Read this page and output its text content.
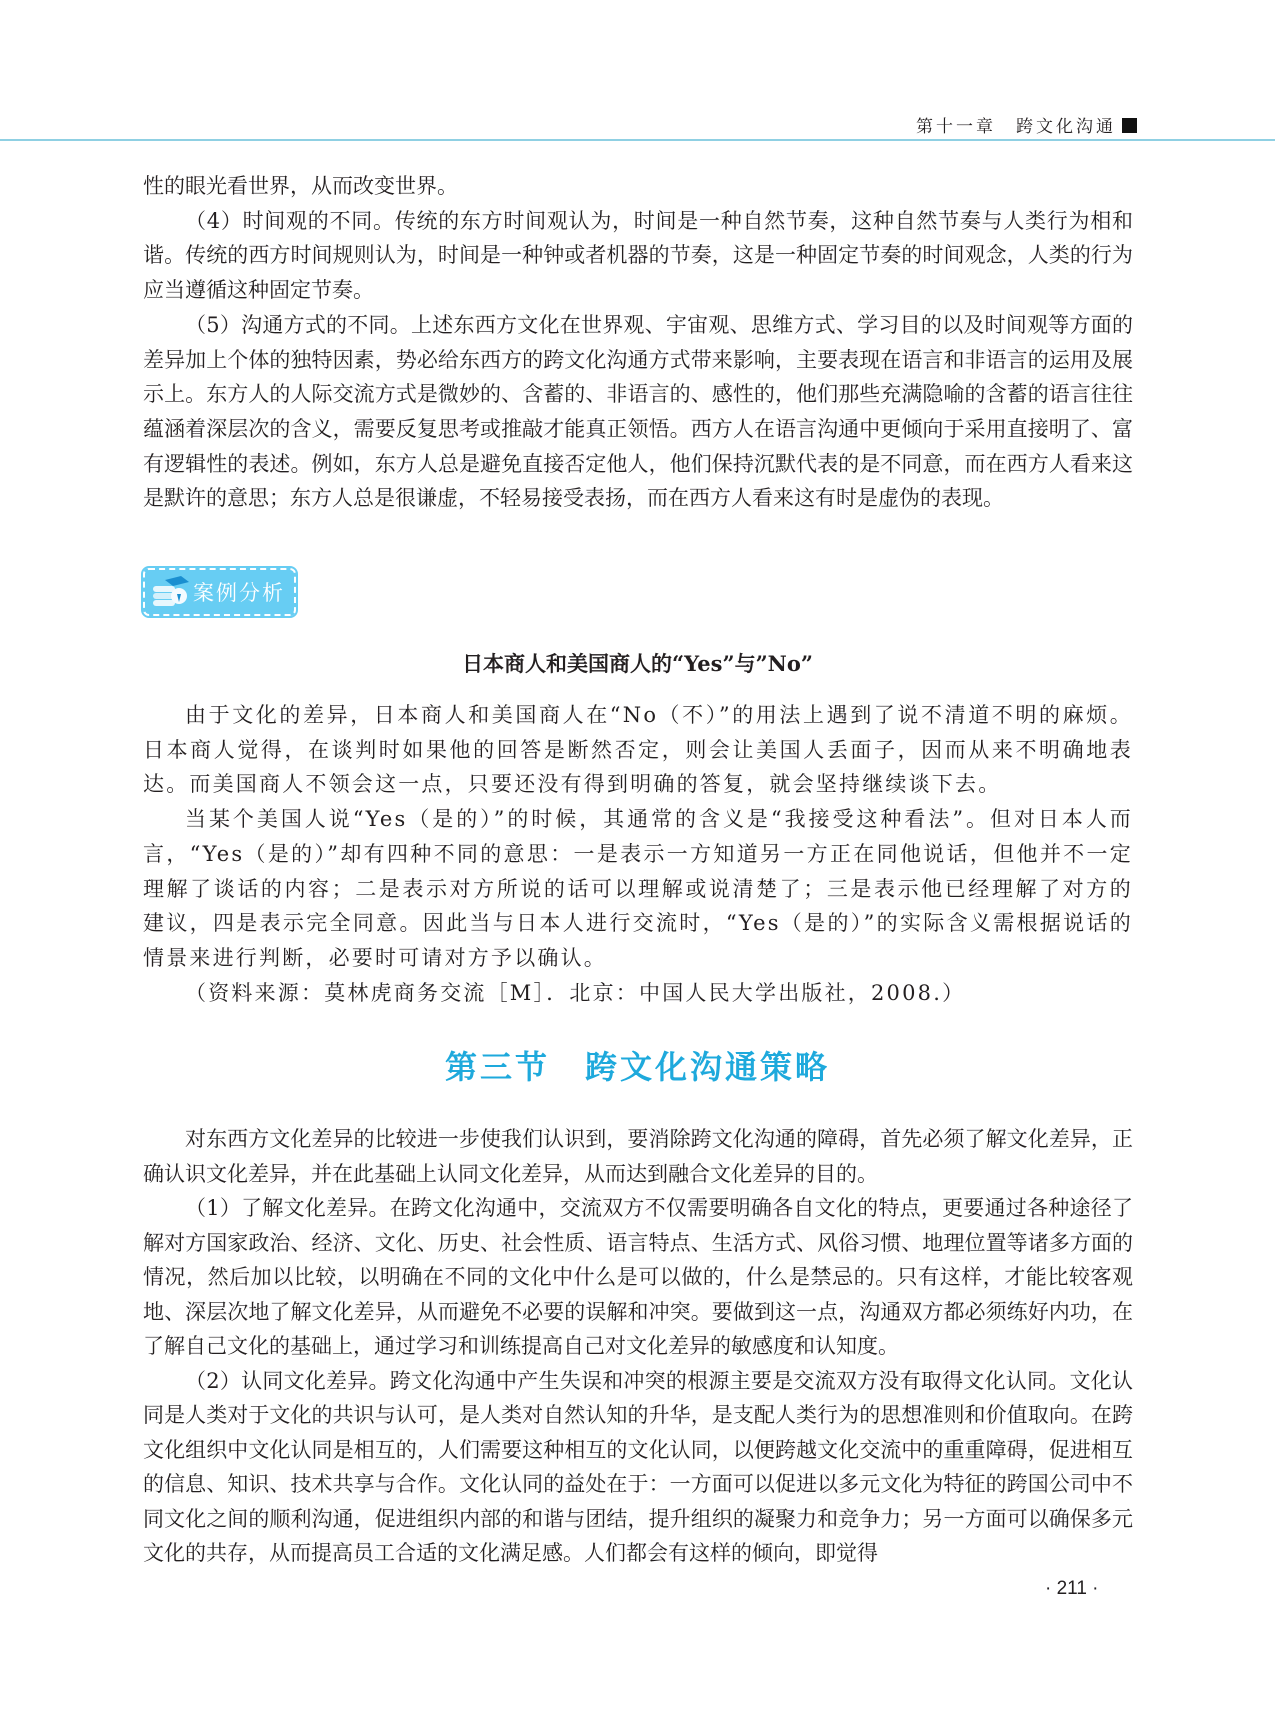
第十一章　跨文化沟通

性的眼光看世界，从而改变世界。

（4）时间观的不同。传统的东方时间观认为，时间是一种自然节奏，这种自然节奏与人类行为相和谐。传统的西方时间规则认为，时间是一种钟或者机器的节奏，这是一种固定节奏的时间观念，人类的行为应当遵循这种固定节奏。

（5）沟通方式的不同。上述东西方文化在世界观、宇宙观、思维方式、学习目的以及时间观等方面的差异加上个体的独特因素，势必给东西方的跨文化沟通方式带来影响，主要表现在语言和非语言的运用及展示上。东方人的人际交流方式是微妙的、含蓄的、非语言的、感性的，他们那些充满隐喻的含蓄的语言往往蕴涵着深层次的含义，需要反复思考或推敲才能真正领悟。西方人在语言沟通中更倾向于采用直接明了、富有逻辑性的表述。例如，东方人总是避免直接否定他人，他们保持沉默代表的是不同意，而在西方人看来这是默许的意思；东方人总是很谦虚，不轻易接受表扬，而在西方人看来这有时是虚伪的表现。

案例分析
日本商人和美国商人的“Yes”与”No”

由于文化的差异，日本商人和美国商人在“No（不）”的用法上遇到了说不清道不明的麻烦。日本商人觉得，在谈判时如果他的回答是断然否定，则会让美国人丢面子，因而从来不明确地表达。而美国商人不领会这一点，只要还没有得到明确的答复，就会坚持继续谈下去。

当某个美国人说“Yes（是的）”的时候，其通常的含义是“我接受这种看法”。但对日本人而言，“Yes（是的）”却有四种不同的意思：一是表示一方知道另一方正在同他说话，但他并不一定理解了谈话的内容；二是表示对方所说的话可以理解或说清楚了；三是表示他已经理解了对方的建议，四是表示完全同意。因此当与日本人进行交流时，“Yes（是的）”的实际含义需根据说话的情景来进行判断，必要时可请对方予以确认。

（资料来源：莫林虎商务交流［M］．北京：中国人民大学出版社，2008.）

第三节　跨文化沟通策略

对东西方文化差异的比较进一步使我们认识到，要消除跨文化沟通的障碍，首先必须了解文化差异，正确认识文化差异，并在此基础上认同文化差异，从而达到融合文化差异的目的。

（1）了解文化差异。在跨文化沟通中，交流双方不仅需要明确各自文化的特点，更要通过各种途径了解对方国家政治、经济、文化、历史、社会性质、语言特点、生活方式、风俗习惯、地理位置等诸多方面的情况，然后加以比较，以明确在不同的文化中什么是可以做的，什么是禁忌的。只有这样，才能比较客观地、深层次地了解文化差异，从而避免不必要的误解和冲突。要做到这一点，沟通双方都必须练好内功，在了解自己文化的基础上，通过学习和训练提高自己对文化差异的敏感度和认知度。

（2）认同文化差异。跨文化沟通中产生失误和冲突的根源主要是交流双方没有取得文化认同。文化认同是人类对于文化的共识与认可，是人类对自然认知的升华，是支配人类行为的思想准则和价值取向。在跨文化组织中文化认同是相互的，人们需要这种相互的文化认同，以便跨越文化交流中的重重障碍，促进相互的信息、知识、技术共享与合作。文化认同的益处在于：一方面可以促进以多元文化为特征的跨国公司中不同文化之间的顺利沟通，促进组织内部的和谐与团结，提升组织的凝聚力和竞争力；另一方面可以确保多元文化的共存，从而提高员工合适的文化满足感。人们都会有这样的倾向，即觉得

· 211 ·
